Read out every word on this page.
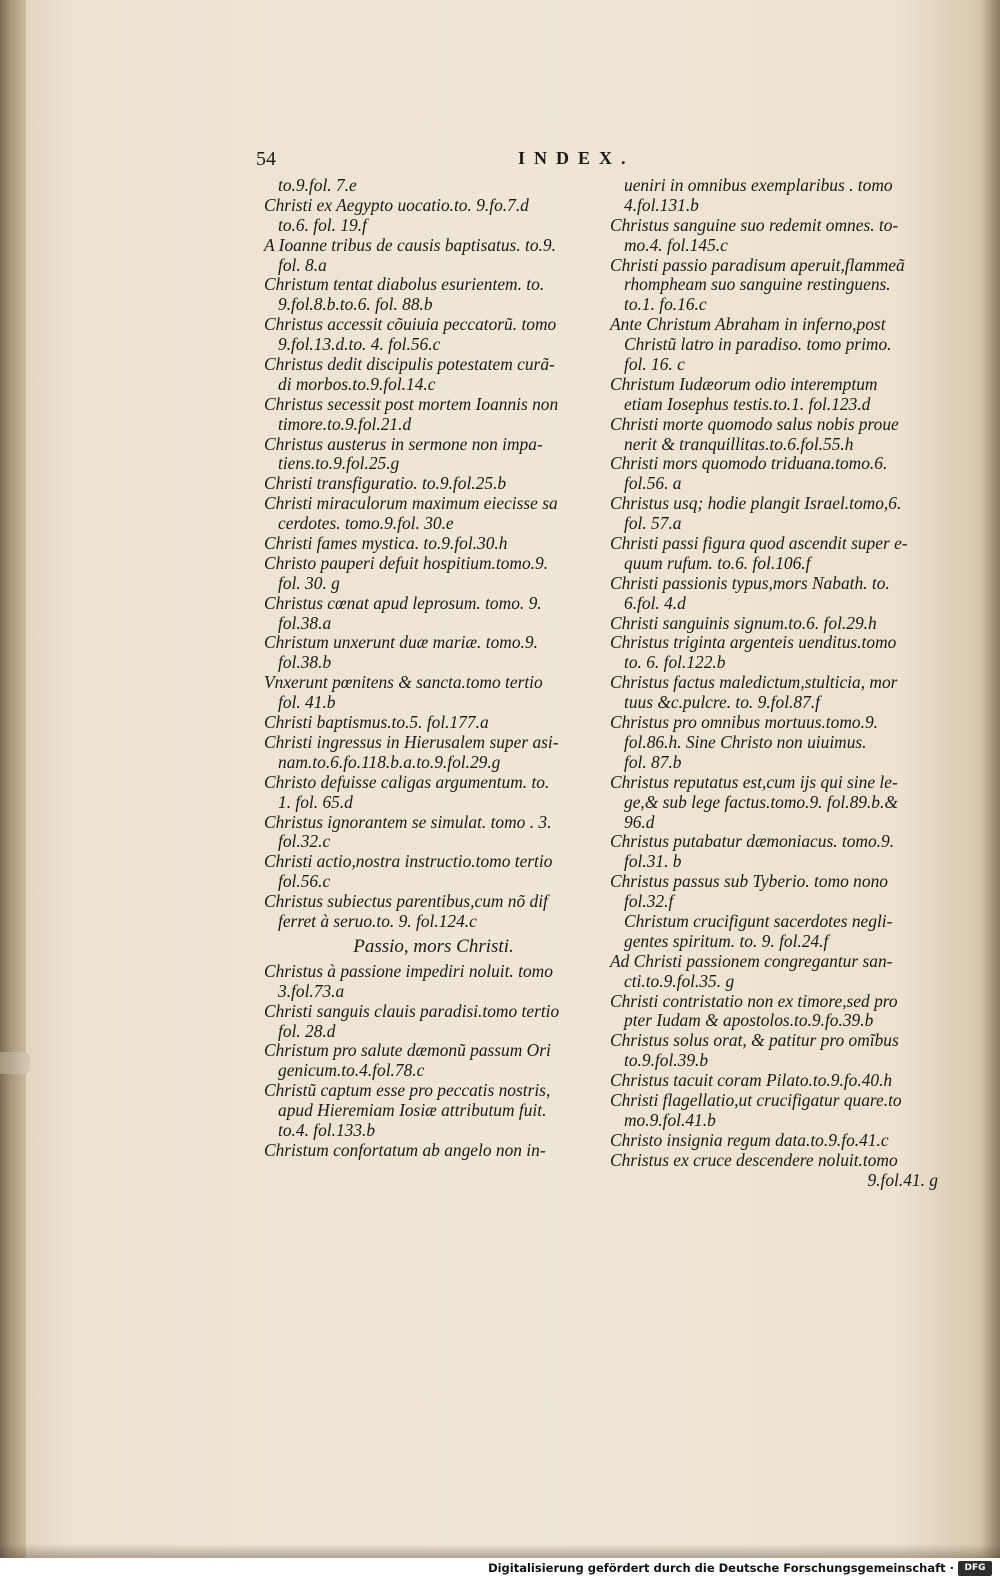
54	INDEX.
to.9.fol. 7.e
Christi ex Aegypto uocatio.to. 9.fo.7.d
to.6. fol. 19.f
A Ioanne tribus de causis baptisatus. to.9.
fol. 8.a
Christum tentat diabolus esurientem. to.
9.fol.8.b.to.6. fol. 88.b
Christus accessit cõuiuia peccatorũ. tomo
9.fol.13.d.to. 4. fol.56.c
Christus dedit discipulis potestatem curã-
di morbos.to.9.fol.14.c
Christus secessit post mortem Ioannis non
timore.to.9.fol.21.d
Christus austerus in sermone non impa-
tiens.to.9.fol.25.g
Christi transfiguratio. to.9.fol.25.b
Christi miraculorum maximum eiecisse sa
cerdotes. tomo.9.fol. 30.e
Christi fames mystica. to.9.fol.30.h
Christo pauperi defuit hospitium.tomo.9.
fol. 30. g
Christus cœnat apud leprosum. tomo. 9.
fol.38.a
Christum unxerunt duæ mariæ. tomo.9.
fol.38.b
Vnxerunt pœnitens & sancta.tomo tertio
fol. 41.b
Christi baptismus.to.5. fol.177.a
Christi ingressus in Hierusalem super asi-
nam.to.6.fo.118.b.a.to.9.fol.29.g
Christo defuisse caligas argumentum. to.
1. fol. 65.d
Christus ignorantem se simulat. tomo . 3.
fol.32.c
Christi actio,nostra instructio.tomo tertio
fol.56.c
Christus subiectus parentibus,cum nõ dif
ferret à seruo.to. 9. fol.124.c
Passio, mors Christi.
Christus à passione impediri noluit. tomo
3.fol.73.a
Christi sanguis clauis paradisi.tomo tertio
fol. 28.d
Christum pro salute dæmonũ passum Ori
genicum.to.4.fol.78.c
Christũ captum esse pro peccatis nostris,
apud Hieremiam Iosiæ attributum fuit.
to.4. fol.133.b
Christum confortatum ab angelo non in-
ueniri in omnibus exemplaribus . tomo
4.fol.131.b
Christus sanguine suo redemit omnes. to-
mo.4. fol.145.c
Christi passio paradisum aperuit,flammeã
rhompheam suo sanguine restinguens.
to.1. fo.16.c
Ante Christum Abraham in inferno,post
Christũ latro in paradiso. tomo primo.
fol. 16. c
Christum Iudæorum odio interemptum
etiam Iosephus testis.to.1. fol.123.d
Christi morte quomodo salus nobis proue
nerit & tranquillitas.to.6.fol.55.h
Christi mors quomodo triduana.tomo.6.
fol.56. a
Christus usq; hodie plangit Israel.tomo,6.
fol. 57.a
Christi passi figura quod ascendit super e-
quum rufum. to.6. fol.106.f
Christi passionis typus,mors Nabath. to.
6.fol. 4.d
Christi sanguinis signum.to.6. fol.29.h
Christus triginta argenteis uenditus.tomo
to. 6. fol.122.b
Christus factus maledictum,stulticia, mor
tuus &c.pulcre. to. 9.fol.87.f
Christus pro omnibus mortuus.tomo.9.
fol.86.h. Sine Christo non uiuimus.
fol. 87.b
Christus reputatus est,cum ijs qui sine le-
ge,& sub lege factus.tomo.9. fol.89.b.&
96.d
Christus putabatur dæmoniacus. tomo.9.
fol.31. b
Christus passus sub Tyberio. tomo nono
fol.32.f
Christum crucifigunt sacerdotes negli-
gentes spiritum. to. 9. fol.24.f
Ad Christi passionem congregantur san-
cti.to.9.fol.35. g
Christi contristatio non ex timore,sed pro
pter Iudam & apostolos.to.9.fo.39.b
Christus solus orat, & patitur pro omĩbus
to.9.fol.39.b
Christus tacuit coram Pilato.to.9.fo.40.h
Christi flagellatio,ut crucifigatur quare.to
mo.9.fol.41.b
Christo insignia regum data.to.9.fo.41.c
Christus ex cruce descendere noluit.tomo
9.fol.41. g
Digitalisierung gefördert durch die Deutsche Forschungsgemeinschaft ·	DFG
